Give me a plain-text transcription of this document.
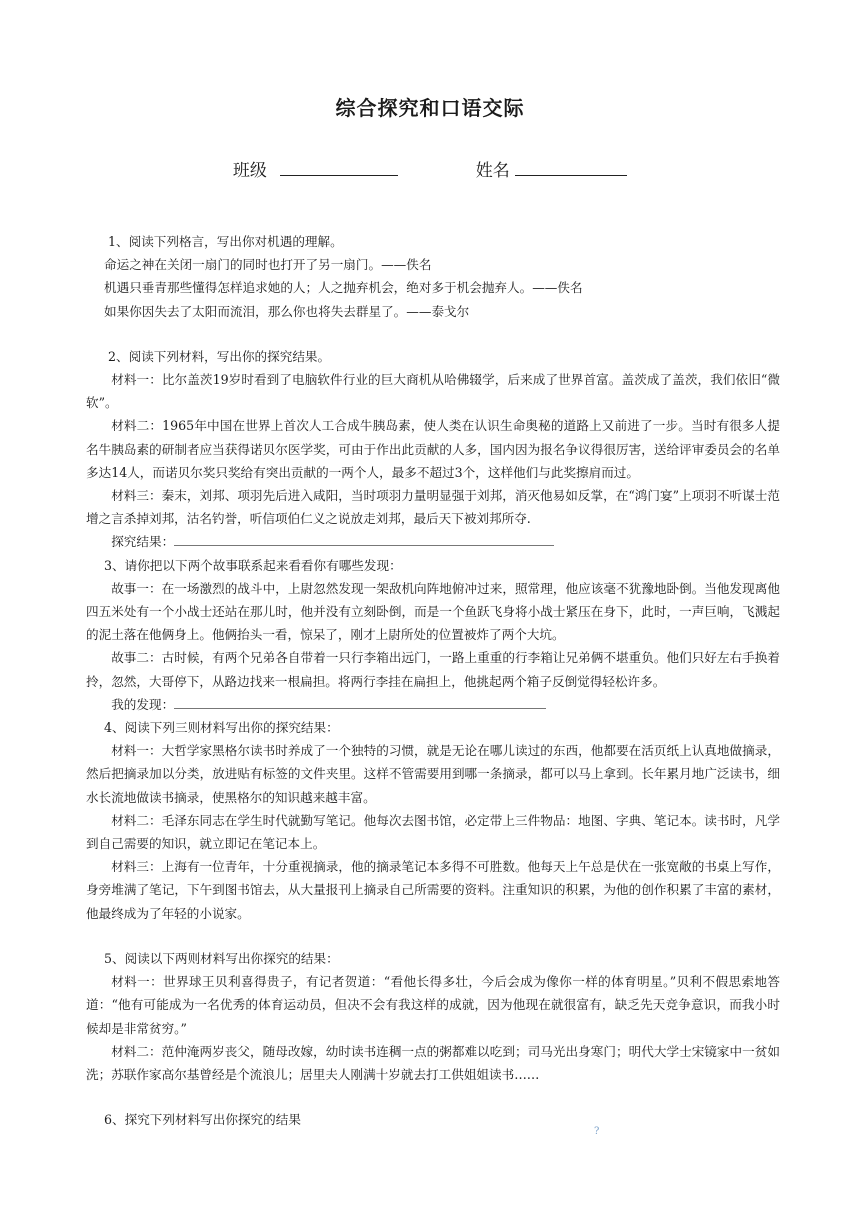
综合探究和口语交际
班级	姓名

1、阅读下列格言，写出你对机遇的理解。

命运之神在关闭一扇门的同时也打开了另一扇门。——佚名

机遇只垂青那些懂得怎样追求她的人；人之抛弃机会，绝对多于机会抛弃人。——佚名

如果你因失去了太阳而流泪，那么你也将失去群星了。——泰戈尔

2、阅读下列材料，写出你的探究结果。

材料一：比尔盖茨19岁时看到了电脑软件行业的巨大商机从哈佛辍学，后来成了世界首富。盖茨成了盖茨，我们依旧“微软”。

材料二：1965年中国在世界上首次人工合成牛胰岛素，使人类在认识生命奥秘的道路上又前进了一步。当时有很多人提名牛胰岛素的研制者应当获得诺贝尔医学奖，可由于作出此贡献的人多，国内因为报名争议得很厉害，送给评审委员会的名单多达14人，而诺贝尔奖只奖给有突出贡献的一两个人，最多不超过3个，这样他们与此奖擦肩而过。

材料三：秦末，刘邦、项羽先后进入咸阳，当时项羽力量明显强于刘邦，消灭他易如反掌，在“鸿门宴”上项羽不听谋士范增之言杀掉刘邦，沽名钓誉，听信项伯仁义之说放走刘邦，最后天下被刘邦所夺.

探究结果：

3、请你把以下两个故事联系起来看看你有哪些发现：

故事一：在一场激烈的战斗中，上尉忽然发现一架敌机向阵地俯冲过来，照常理，他应该毫不犹豫地卧倒。当他发现离他四五米处有一个小战士还站在那儿时，他并没有立刻卧倒，而是一个鱼跃飞身将小战士紧压在身下，此时，一声巨响，飞溅起的泥土落在他俩身上。他俩抬头一看，惊呆了，刚才上尉所处的位置被炸了两个大坑。

故事二：古时候，有两个兄弟各自带着一只行李箱出远门，一路上重重的行李箱让兄弟俩不堪重负。他们只好左右手换着拎，忽然，大哥停下，从路边找来一根扁担。将两行李挂在扁担上，他挑起两个箱子反倒觉得轻松许多。

我的发现：

4、阅读下列三则材料写出你的探究结果：

材料一：大哲学家黑格尔读书时养成了一个独特的习惯，就是无论在哪儿读过的东西，他都要在活页纸上认真地做摘录，然后把摘录加以分类，放进贴有标签的文件夹里。这样不管需要用到哪一条摘录，都可以马上拿到。长年累月地广泛读书，细水长流地做读书摘录，使黑格尔的知识越来越丰富。

材料二：毛泽东同志在学生时代就勤写笔记。他每次去图书馆，必定带上三件物品：地图、字典、笔记本。读书时，凡学到自己需要的知识，就立即记在笔记本上。

材料三：上海有一位青年，十分重视摘录，他的摘录笔记本多得不可胜数。他每天上午总是伏在一张宽敞的书桌上写作，身旁堆满了笔记，下午到图书馆去，从大量报刊上摘录自己所需要的资料。注重知识的积累，为他的创作积累了丰富的素材，他最终成为了年轻的小说家。

5、阅读以下两则材料写出你探究的结果：

材料一：世界球王贝利喜得贵子，有记者贺道：“看他长得多壮，今后会成为像你一样的体育明星。”贝利不假思索地答道：“他有可能成为一名优秀的体育运动员，但决不会有我这样的成就，因为他现在就很富有，缺乏先天竞争意识，而我小时候却是非常贫穷。”

材料二：范仲淹两岁丧父，随母改嫁，幼时读书连稠一点的粥都难以吃到；司马光出身寒门；明代大学士宋镜家中一贫如洗；苏联作家高尔基曾经是个流浪儿；居里夫人刚满十岁就去打工供姐姐读书……

6、探究下列材料写出你探究的结果

?
